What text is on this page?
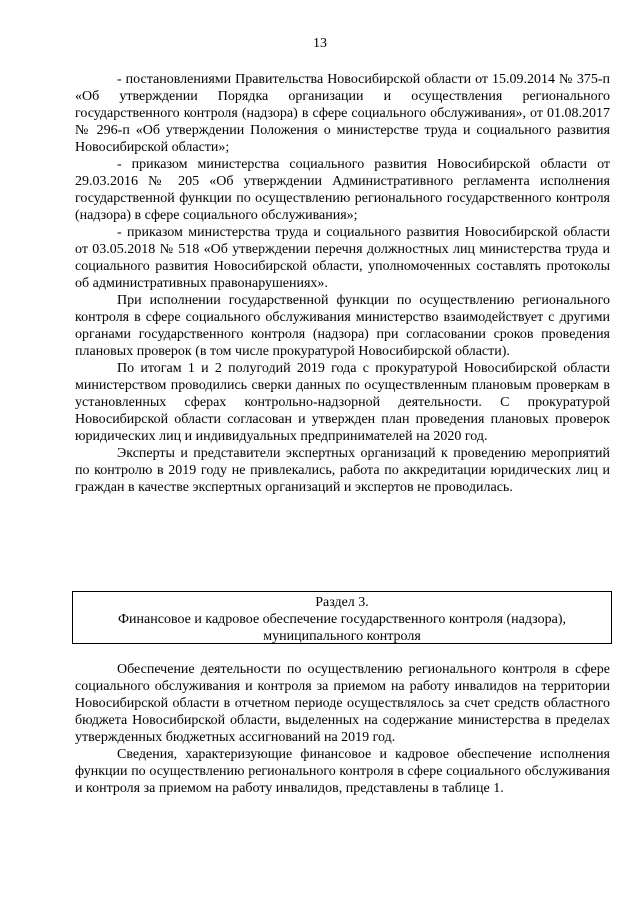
13

- постановлениями Правительства Новосибирской области от 15.09.2014 № 375-п «Об утверждении Порядка организации и осуществления регионального государственного контроля (надзора) в сфере социального обслуживания», от 01.08.2017 № 296-п «Об утверждении Положения о министерстве труда и социального развития Новосибирской области»;

- приказом министерства социального развития Новосибирской области от 29.03.2016 № 205 «Об утверждении Административного регламента исполнения государственной функции по осуществлению регионального государственного контроля (надзора) в сфере социального обслуживания»;

- приказом министерства труда и социального развития Новосибирской области от 03.05.2018 № 518 «Об утверждении перечня должностных лиц министерства труда и социального развития Новосибирской области, уполномоченных составлять протоколы об административных правонарушениях».

При исполнении государственной функции по осуществлению регионального контроля в сфере социального обслуживания министерство взаимодействует с другими органами государственного контроля (надзора) при согласовании сроков проведения плановых проверок (в том числе прокуратурой Новосибирской области).

По итогам 1 и 2 полугодий 2019 года с прокуратурой Новосибирской области министерством проводились сверки данных по осуществленным плановым проверкам в установленных сферах контрольно-надзорной деятельности. С прокуратурой Новосибирской области согласован и утвержден план проведения плановых проверок юридических лиц и индивидуальных предпринимателей на 2020 год.

Эксперты и представители экспертных организаций к проведению мероприятий по контролю в 2019 году не привлекались, работа по аккредитации юридических лиц и граждан в качестве экспертных организаций и экспертов не проводилась.

Раздел 3.
Финансовое и кадровое обеспечение государственного контроля (надзора),
муниципального контроля

Обеспечение деятельности по осуществлению регионального контроля в сфере социального обслуживания и контроля за приемом на работу инвалидов на территории Новосибирской области в отчетном периоде осуществлялось за счет средств областного бюджета Новосибирской области, выделенных на содержание министерства в пределах утвержденных бюджетных ассигнований на 2019 год.

Сведения, характеризующие финансовое и кадровое обеспечение исполнения функции по осуществлению регионального контроля в сфере социального обслуживания и контроля за приемом на работу инвалидов, представлены в таблице 1.
